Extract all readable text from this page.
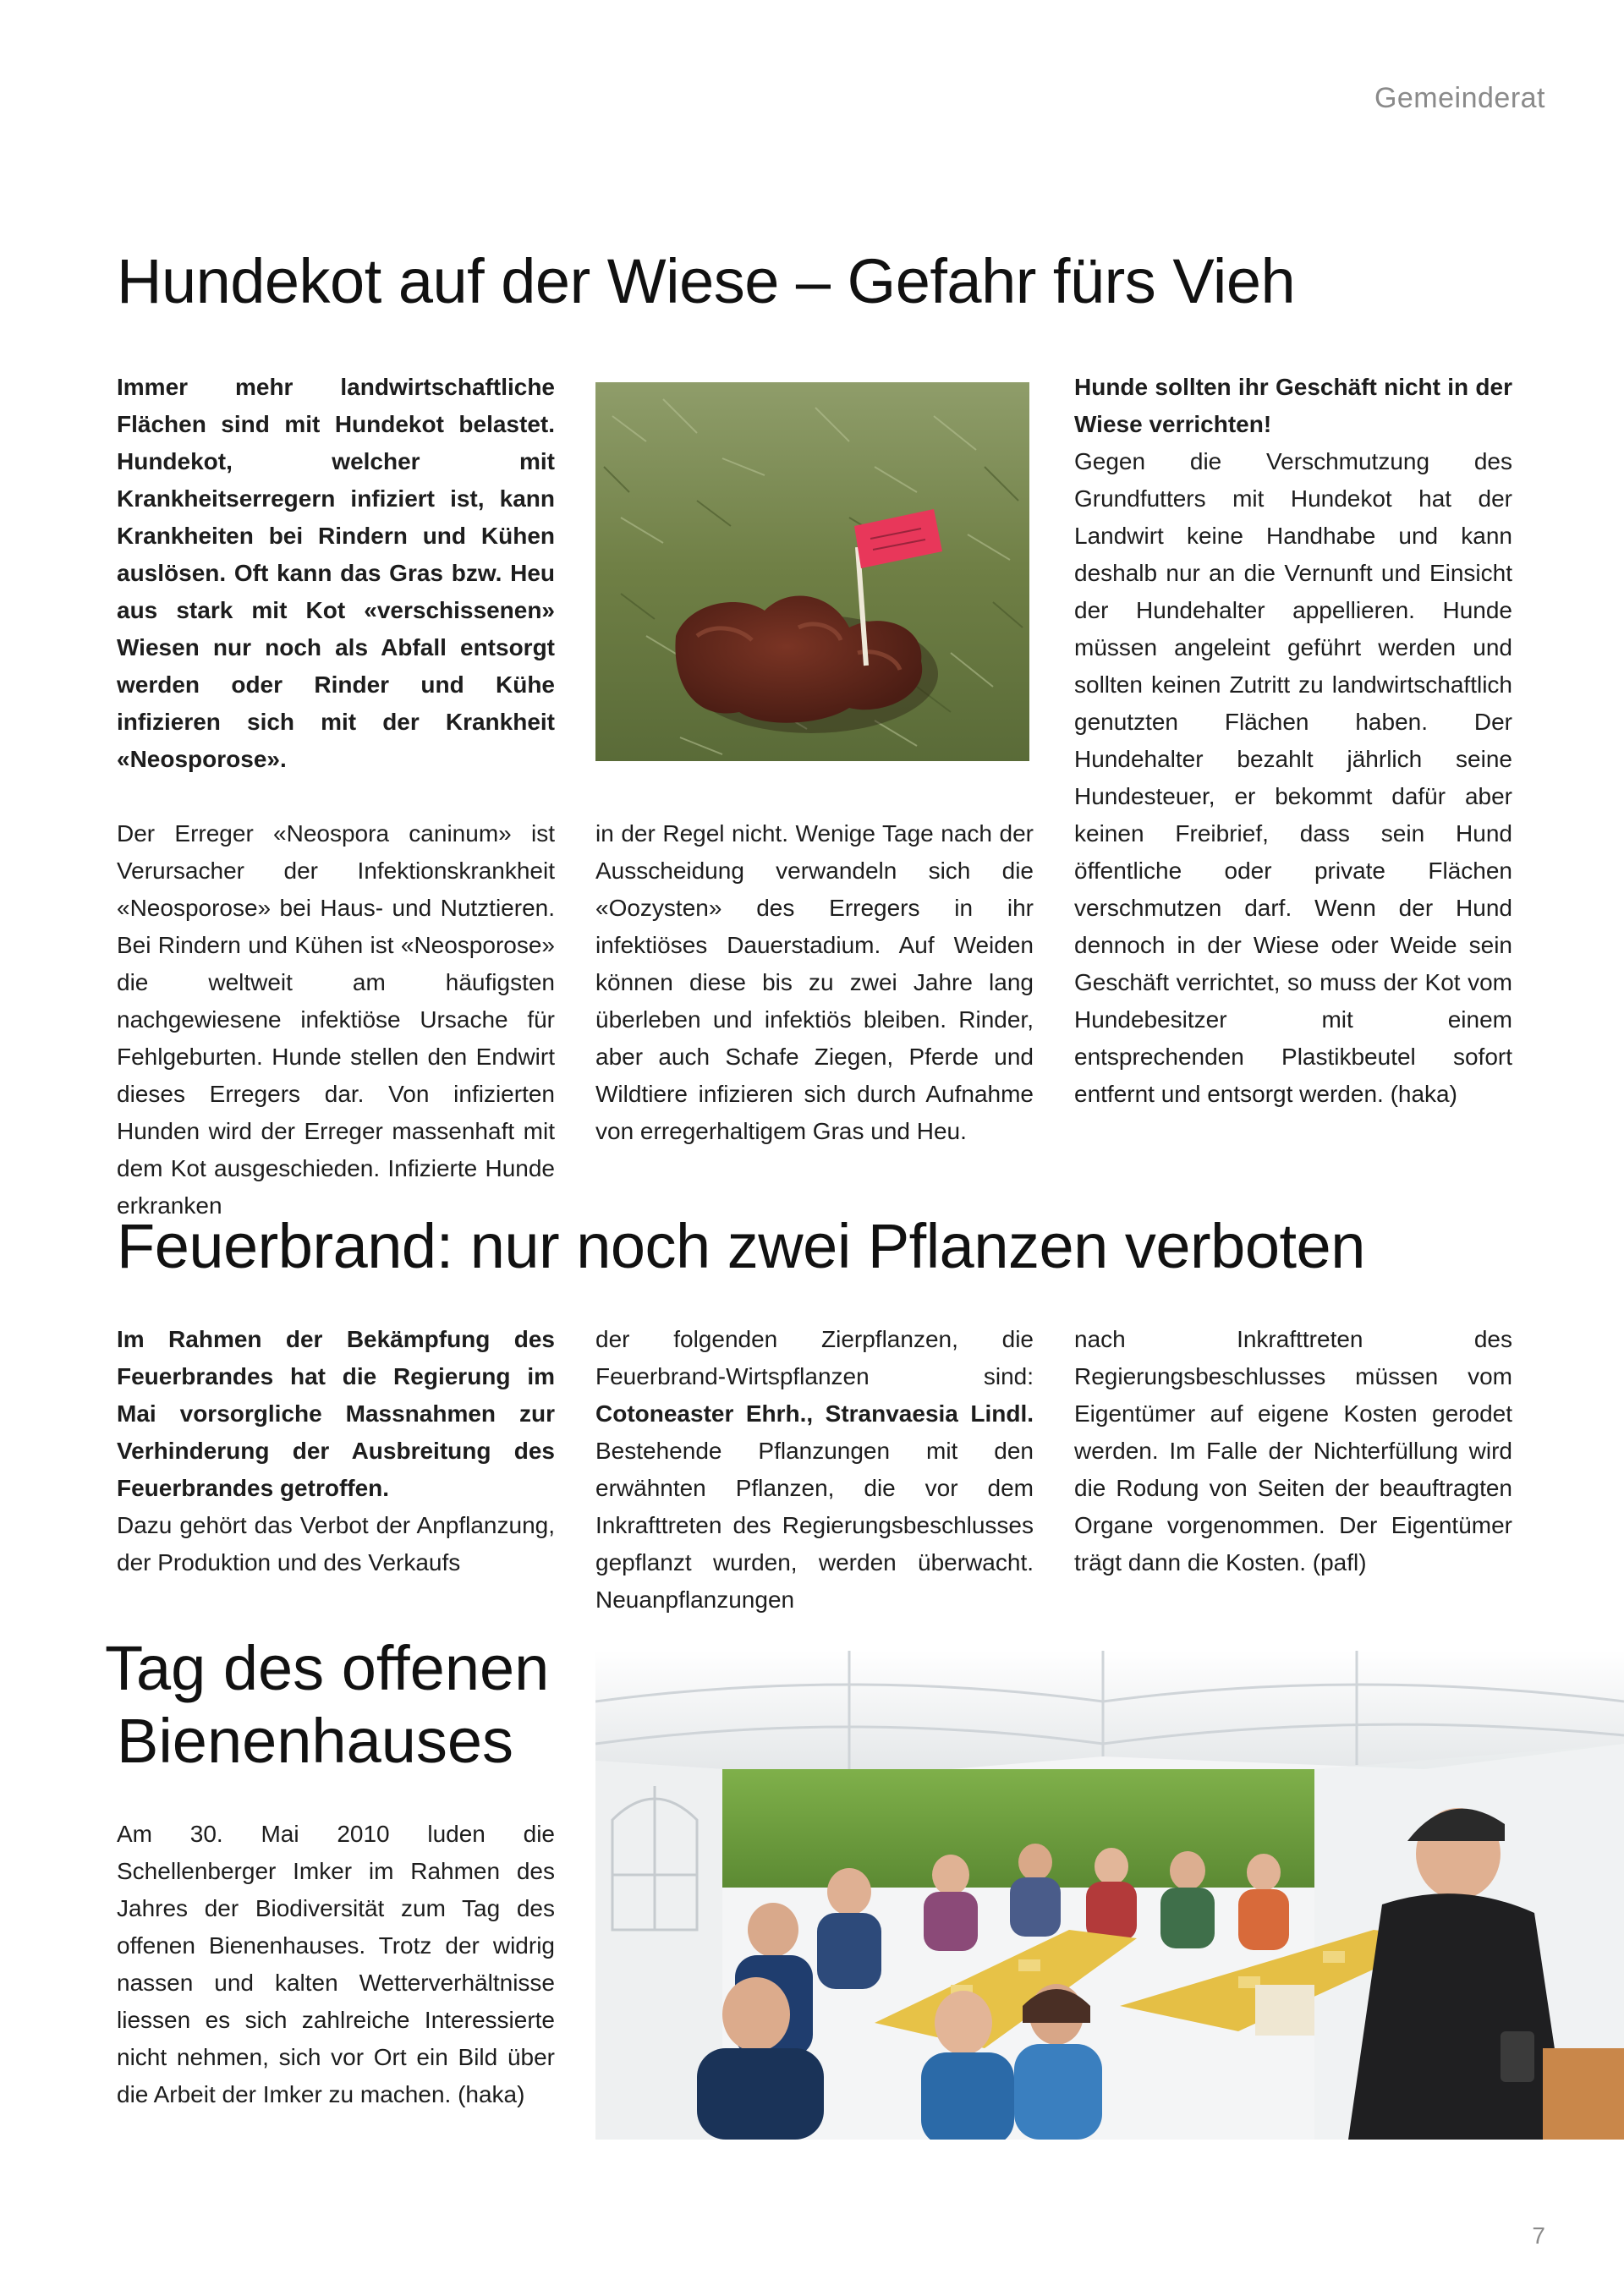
Gemeinderat
Hundekot auf der Wiese – Gefahr fürs Vieh

Immer mehr landwirtschaftliche Flächen sind mit Hundekot belastet. Hundekot, welcher mit Krankheitserregern infiziert ist, kann Krankheiten bei Rindern und Kühen auslösen. Oft kann das Gras bzw. Heu aus stark mit Kot «verschissenen» Wiesen nur noch als Abfall entsorgt werden oder Rinder und Kühe infizieren sich mit der Krankheit «Neosporose».

Der Erreger «Neospora caninum» ist Verursacher der Infektionskrankheit «Neosporose» bei Haus- und Nutztieren. Bei Rindern und Kühen ist «Neosporose» die weltweit am häufigsten nachgewiesene infektiöse Ursache für Fehlgeburten. Hunde stellen den Endwirt dieses Erregers dar. Von infizierten Hunden wird der Erreger massenhaft mit dem Kot ausgeschieden. Infizierte Hunde erkranken

in der Regel nicht. Wenige Tage nach der Ausscheidung verwandeln sich die «Oozysten» des Erregers in ihr infektiöses Dauerstadium. Auf Weiden können diese bis zu zwei Jahre lang überleben und infektiös bleiben. Rinder, aber auch Schafe Ziegen, Pferde und Wildtiere infizieren sich durch Aufnahme von erregerhaltigem Gras und Heu.

Hunde sollten ihr Geschäft nicht in der Wiese verrichten!

Gegen die Verschmutzung des Grundfutters mit Hundekot hat der Landwirt keine Handhabe und kann deshalb nur an die Vernunft und Einsicht der Hundehalter appellieren. Hunde müssen angeleint geführt werden und sollten keinen Zutritt zu landwirtschaftlich genutzten Flächen haben. Der Hundehalter bezahlt jährlich seine Hundesteuer, er bekommt dafür aber keinen Freibrief, dass sein Hund öffentliche oder private Flächen verschmutzen darf. Wenn der Hund dennoch in der Wiese oder Weide sein Geschäft verrichtet, so muss der Kot vom Hundebesitzer mit einem entsprechenden Plastikbeutel sofort entfernt und entsorgt werden. (haka)

Feuerbrand: nur noch zwei Pflanzen verboten

Im Rahmen der Bekämpfung des Feuerbrandes hat die Regierung im Mai vorsorgliche Massnahmen zur Verhinderung der Ausbreitung des Feuerbrandes getroffen.

Dazu gehört das Verbot der Anpflanzung, der Produktion und des Verkaufs

der folgenden Zierpflanzen, die Feuerbrand-Wirtspflanzen sind: Cotoneaster Ehrh., Stranvaesia Lindl. Bestehende Pflanzungen mit den erwähnten Pflanzen, die vor dem Inkrafttreten des Regierungsbeschlusses gepflanzt wurden, werden überwacht. Neuanpflanzungen

nach Inkrafttreten des Regierungsbeschlusses müssen vom Eigentümer auf eigene Kosten gerodet werden. Im Falle der Nichterfüllung wird die Rodung von Seiten der beauftragten Organe vorgenommen. Der Eigentümer trägt dann die Kosten. (pafl)

Tag des offenen
Bienenhauses

Am 30. Mai 2010 luden die Schellenberger Imker im Rahmen des Jahres der Biodiversität zum Tag des offenen Bienenhauses. Trotz der widrig nassen und kalten Wetterverhältnisse liessen es sich zahlreiche Interessierte nicht nehmen, sich vor Ort ein Bild über die Arbeit der Imker zu machen. (haka)

7
